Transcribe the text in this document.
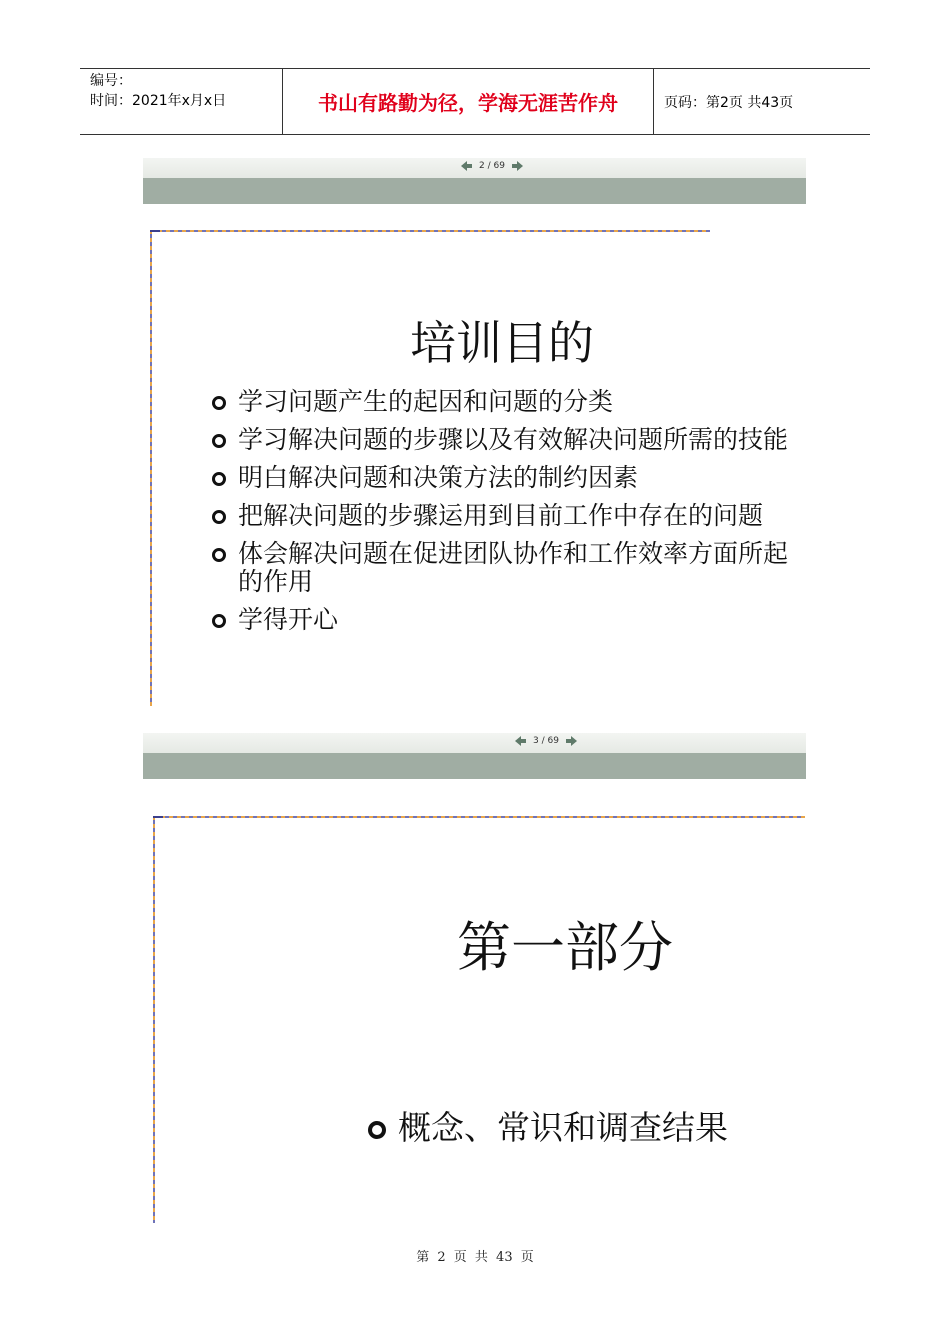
编号：
时间：2021年x月x日	书山有路勤为径，学海无涯苦作舟	页码：第2页 共43页
2 / 69
培训目的
学习问题产生的起因和问题的分类
学习解决问题的步骤以及有效解决问题所需的技能
明白解决问题和决策方法的制约因素
把解决问题的步骤运用到目前工作中存在的问题
体会解决问题在促进团队协作和工作效率方面所起的作用
学得开心
3 / 69
第一部分
概念、常识和调查结果
第 2 页 共 43 页
